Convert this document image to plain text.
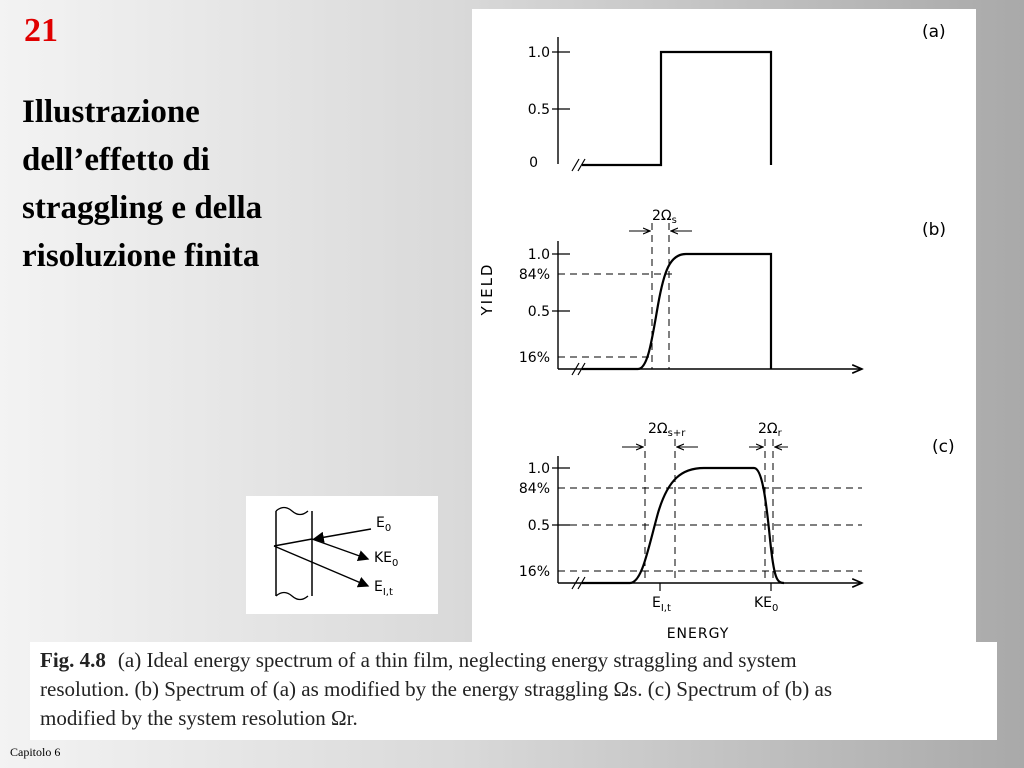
21
Illustrazione
dell’effetto di
straggling e della
risoluzione finita
(a)
1.0
0.5
0
(b)
$2\Omega_s$
1.0
84%
0.5
16%
YIELD
(c)
$2\Omega_{s+r}$	$2\Omega_r$
1.0
84%
0.5
16%
$E_{I,t}$	$KE_0$
ENERGY
$E_0$
$KE_0$
$E_{I,t}$
Fig. 4.8 (a) Ideal energy spectrum of a thin film, neglecting energy straggling and system
resolution. (b) Spectrum of (a) as modified by the energy straggling Ωs. (c) Spectrum of (b) as
modified by the system resolution Ωr.
Capitolo 6
